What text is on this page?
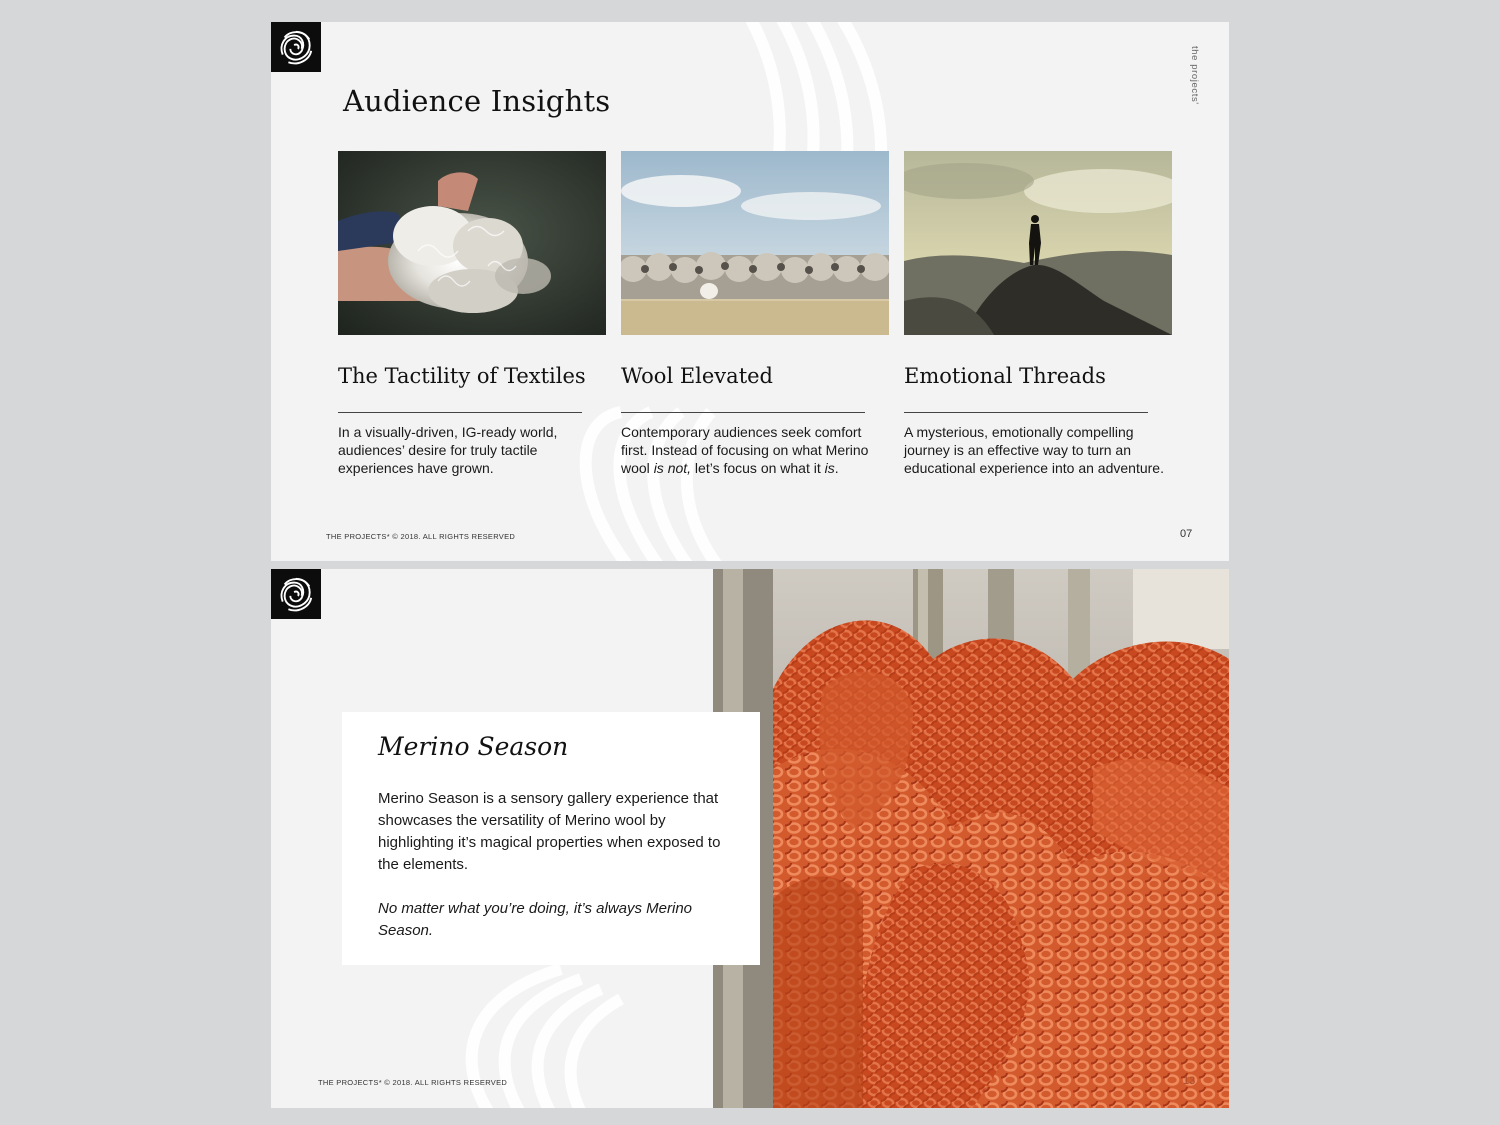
Audience Insights	the projects'
The Tactility of Textiles

In a visually-driven, IG-ready world, audiences’ desire for truly tactile experiences have grown.

Wool Elevated

Contemporary audiences seek comfort first. Instead of focusing on what Merino wool is not, let’s focus on what it is.

Emotional Threads

A mysterious, emotionally compelling journey is an effective way to turn an educational experience into an adventure.

THE PROJECTS* © 2018. ALL RIGHTS RESERVED	07
Merino Season

Merino Season is a sensory gallery experience that showcases the versatility of Merino wool by highlighting it’s magical properties when exposed to the elements.

No matter what you’re doing, it’s always Merino Season.

THE PROJECTS* © 2018. ALL RIGHTS RESERVED	13
